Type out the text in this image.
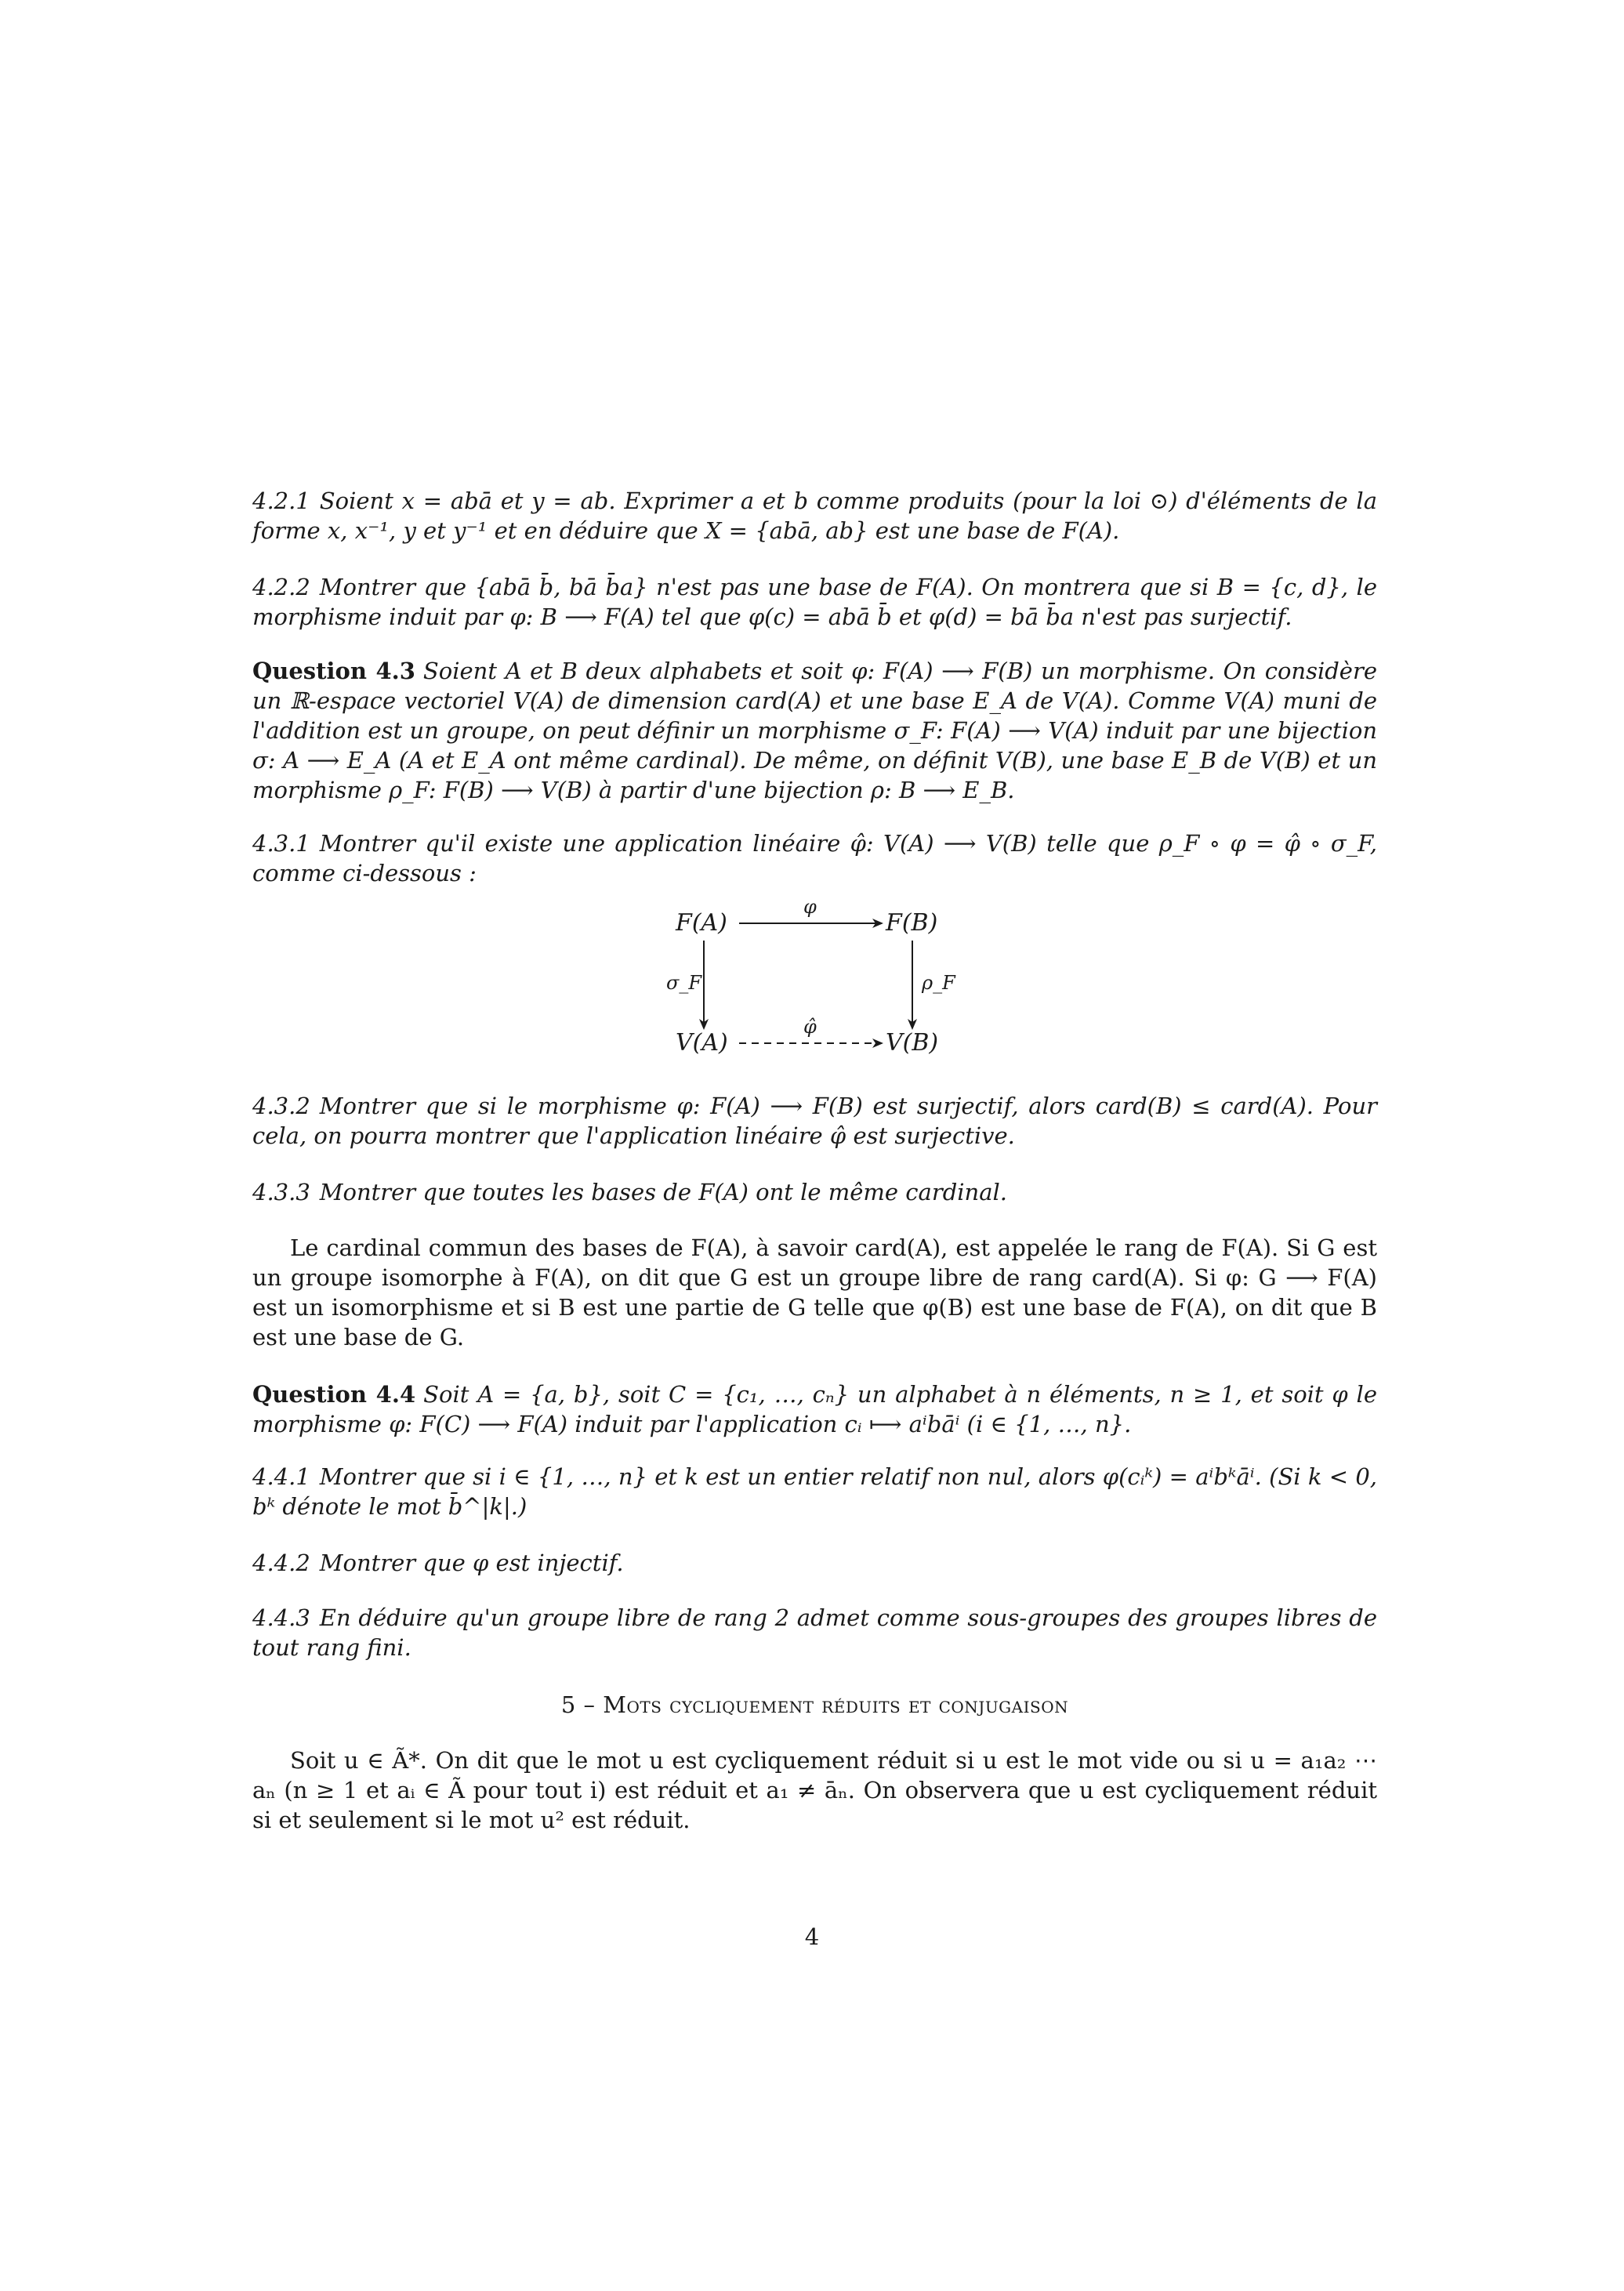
4.2.1 Soient x = abā et y = ab. Exprimer a et b comme produits (pour la loi ⊙) d'éléments de la forme x, x⁻¹, y et y⁻¹ et en déduire que X = {abā, ab} est une base de F(A).
4.2.2 Montrer que {abā b̄, bā b̄a} n'est pas une base de F(A). On montrera que si B = {c, d}, le morphisme induit par φ: B ⟶ F(A) tel que φ(c) = abā b̄ et φ(d) = bā b̄a n'est pas surjectif.
Question 4.3 Soient A et B deux alphabets et soit φ: F(A) ⟶ F(B) un morphisme. On considère un ℝ-espace vectoriel V(A) de dimension card(A) et une base E_A de V(A). Comme V(A) muni de l'addition est un groupe, on peut définir un morphisme σ_F: F(A) ⟶ V(A) induit par une bijection σ: A ⟶ E_A (A et E_A ont même cardinal). De même, on définit V(B), une base E_B de V(B) et un morphisme ρ_F: F(B) ⟶ V(B) à partir d'une bijection ρ: B ⟶ E_B.
4.3.1 Montrer qu'il existe une application linéaire φ̂: V(A) ⟶ V(B) telle que ρ_F ∘ φ = φ̂ ∘ σ_F, comme ci-dessous :
F(A)	F(B)
V(A)	V(B)
φ
φ̂
σ_F	ρ_F
4.3.2 Montrer que si le morphisme φ: F(A) ⟶ F(B) est surjectif, alors card(B) ≤ card(A). Pour cela, on pourra montrer que l'application linéaire φ̂ est surjective.
4.3.3 Montrer que toutes les bases de F(A) ont le même cardinal.
Le cardinal commun des bases de F(A), à savoir card(A), est appelée le rang de F(A). Si G est un groupe isomorphe à F(A), on dit que G est un groupe libre de rang card(A). Si φ: G ⟶ F(A) est un isomorphisme et si B est une partie de G telle que φ(B) est une base de F(A), on dit que B est une base de G.
Question 4.4 Soit A = {a, b}, soit C = {c₁, …, cₙ} un alphabet à n éléments, n ≥ 1, et soit φ le morphisme φ: F(C) ⟶ F(A) induit par l'application cᵢ ⟼ aⁱbāⁱ (i ∈ {1, …, n}.
4.4.1 Montrer que si i ∈ {1, …, n} et k est un entier relatif non nul, alors φ(cᵢᵏ) = aⁱbᵏāⁱ. (Si k < 0, bᵏ dénote le mot b̄^|k|.)
4.4.2 Montrer que φ est injectif.
4.4.3 En déduire qu'un groupe libre de rang 2 admet comme sous-groupes des groupes libres de tout rang fini.
5 – Mots cycliquement réduits et conjugaison
Soit u ∈ Ã*. On dit que le mot u est cycliquement réduit si u est le mot vide ou si u = a₁a₂ ⋯ aₙ (n ≥ 1 et aᵢ ∈ Ã pour tout i) est réduit et a₁ ≠ āₙ. On observera que u est cycliquement réduit si et seulement si le mot u² est réduit.
4
